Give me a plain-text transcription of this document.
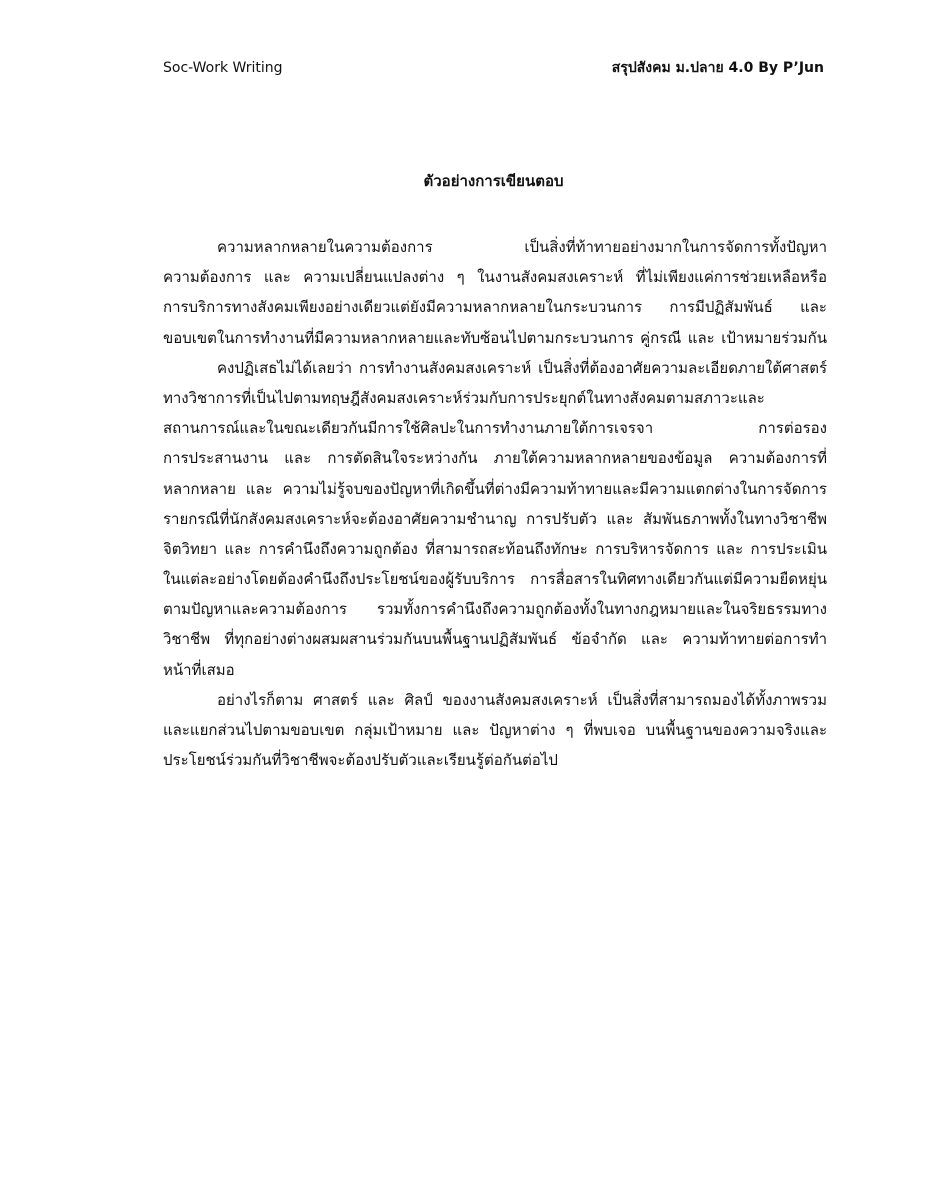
Soc-Work Writing	สรุปสังคม ม.ปลาย 4.0 By P’Jun
ตัวอย่างการเขียนตอบ
ความหลากหลายในความต้องการ เป็นสิ่งที่ท้าทายอย่างมากในการจัดการทั้งปัญหา
ความต้องการ และ ความเปลี่ยนแปลงต่าง ๆ ในงานสังคมสงเคราะห์ ที่ไม่เพียงแค่การช่วยเหลือหรือ
การบริการทางสังคมเพียงอย่างเดียวแต่ยังมีความหลากหลายในกระบวนการ การมีปฏิสัมพันธ์ และ
ขอบเขตในการทำงานที่มีความหลากหลายและทับซ้อนไปตามกระบวนการ คู่กรณี และ เป้าหมายร่วมกัน
คงปฏิเสธไม่ได้เลยว่า การทำงานสังคมสงเคราะห์ เป็นสิ่งที่ต้องอาศัยความละเอียดภายใต้ศาสตร์
ทางวิชาการที่เป็นไปตามทฤษฎีสังคมสงเคราะห์ร่วมกับการประยุกต์ในทางสังคมตามสภาวะและ
สถานการณ์และในขณะเดียวกันมีการใช้ศิลปะในการทำงานภายใต้การเจรจา การต่อรอง
การประสานงาน และ การตัดสินใจระหว่างกัน ภายใต้ความหลากหลายของข้อมูล ความต้องการที่
หลากหลาย และ ความไม่รู้จบของปัญหาที่เกิดขึ้นที่ต่างมีความท้าทายและมีความแตกต่างในการจัดการ
รายกรณีที่นักสังคมสงเคราะห์จะต้องอาศัยความชำนาญ การปรับตัว และ สัมพันธภาพทั้งในทางวิชาชีพ
จิตวิทยา และ การคำนึงถึงความถูกต้อง ที่สามารถสะท้อนถึงทักษะ การบริหารจัดการ และ การประเมิน
ในแต่ละอย่างโดยต้องคำนึงถึงประโยชน์ของผู้รับบริการ การสื่อสารในทิศทางเดียวกันแต่มีความยืดหยุ่น
ตามปัญหาและความต้องการ รวมทั้งการคำนึงถึงความถูกต้องทั้งในทางกฎหมายและในจริยธรรมทาง
วิชาชีพ ที่ทุกอย่างต่างผสมผสานร่วมกันบนพื้นฐานปฏิสัมพันธ์ ข้อจำกัด และ ความท้าทายต่อการทำ
หน้าที่เสมอ
อย่างไรก็ตาม ศาสตร์ และ ศิลป์ ของงานสังคมสงเคราะห์ เป็นสิ่งที่สามารถมองได้ทั้งภาพรวม
และแยกส่วนไปตามขอบเขต กลุ่มเป้าหมาย และ ปัญหาต่าง ๆ ที่พบเจอ บนพื้นฐานของความจริงและ
ประโยชน์ร่วมกันที่วิชาชีพจะต้องปรับตัวและเรียนรู้ต่อกันต่อไป
